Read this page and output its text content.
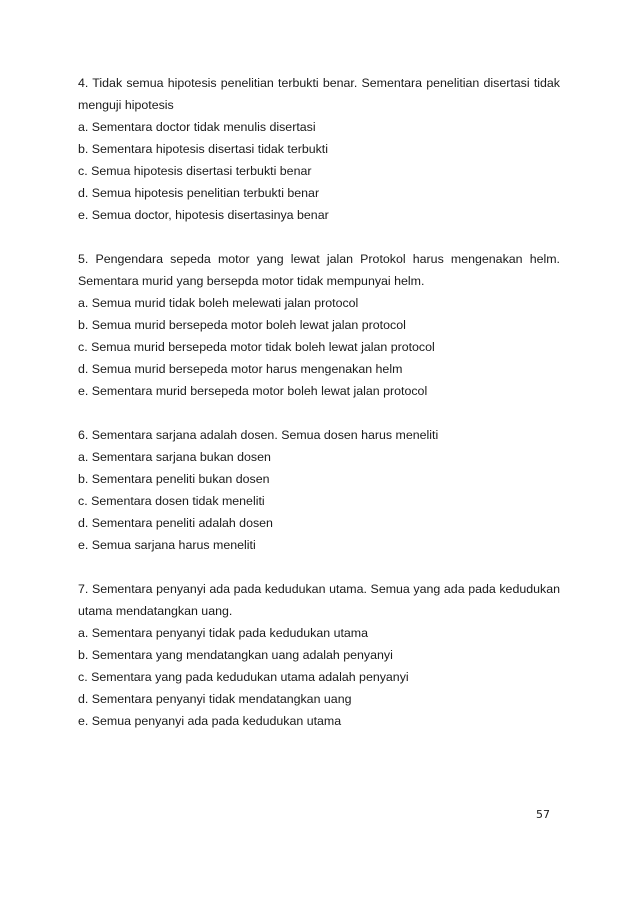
4. Tidak semua hipotesis penelitian terbukti benar. Sementara penelitian disertasi tidak menguji hipotesis
a. Sementara doctor tidak menulis disertasi
b. Sementara hipotesis disertasi tidak terbukti
c. Semua hipotesis disertasi terbukti benar
d. Semua hipotesis penelitian terbukti benar
e. Semua doctor, hipotesis disertasinya benar
5. Pengendara sepeda motor yang lewat jalan Protokol harus mengenakan helm. Sementara murid yang bersepda motor tidak mempunyai helm.
a. Semua murid tidak boleh melewati jalan protocol
b. Semua murid bersepeda motor boleh lewat jalan protocol
c. Semua murid bersepeda motor tidak boleh lewat jalan protocol
d. Semua murid bersepeda motor harus mengenakan helm
e. Sementara murid bersepeda motor boleh lewat jalan protocol
6. Sementara sarjana adalah dosen. Semua dosen harus meneliti
a. Sementara sarjana bukan dosen
b. Sementara peneliti bukan dosen
c. Sementara dosen tidak meneliti
d. Sementara peneliti adalah dosen
e. Semua sarjana harus meneliti
7. Sementara penyanyi ada pada kedudukan utama. Semua yang ada pada kedudukan utama mendatangkan uang.
a. Sementara penyanyi tidak pada kedudukan utama
b. Sementara yang mendatangkan uang adalah penyanyi
c. Sementara yang pada kedudukan utama adalah penyanyi
d. Sementara penyanyi tidak mendatangkan uang
e. Semua penyanyi ada pada kedudukan utama
57
